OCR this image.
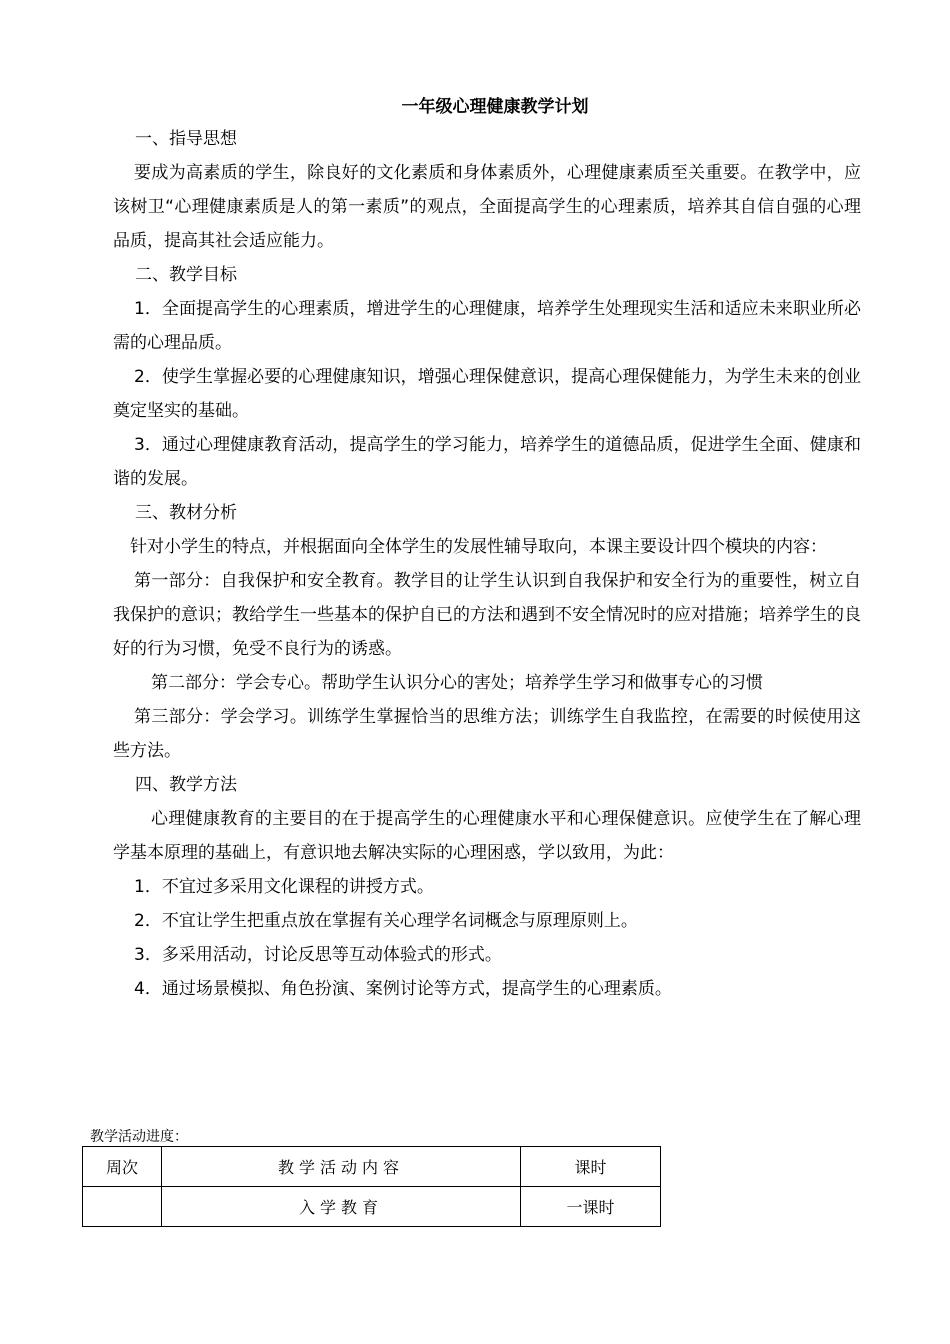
一年级心理健康教学计划

一、指导思想

要成为高素质的学生，除良好的文化素质和身体素质外，心理健康素质至关重要。在教学中，应该树卫“心理健康素质是人的第一素质”的观点，全面提高学生的心理素质，培养其自信自强的心理品质，提高其社会适应能力。

二、教学目标

1．全面提高学生的心理素质，增进学生的心理健康，培养学生处理现实生活和适应未来职业所必需的心理品质。

2．使学生掌握必要的心理健康知识，增强心理保健意识，提高心理保健能力，为学生未来的创业奠定坚实的基础。

3．通过心理健康教育活动，提高学生的学习能力，培养学生的道德品质，促进学生全面、健康和谐的发展。

三、教材分析

针对小学生的特点，并根据面向全体学生的发展性辅导取向，本课主要设计四个模块的内容：

第一部分：自我保护和安全教育。教学目的让学生认识到自我保护和安全行为的重要性，树立自我保护的意识；教给学生一些基本的保护自已的方法和遇到不安全情况时的应对措施；培养学生的良好的行为习惯，免受不良行为的诱惑。

第二部分：学会专心。帮助学生认识分心的害处；培养学生学习和做事专心的习惯

第三部分：学会学习。训练学生掌握恰当的思维方法；训练学生自我监控，在需要的时候使用这些方法。

四、教学方法

心理健康教育的主要目的在于提高学生的心理健康水平和心理保健意识。应使学生在了解心理学基本原理的基础上，有意识地去解决实际的心理困惑，学以致用，为此：

1．不宜过多采用文化课程的讲授方式。

2．不宜让学生把重点放在掌握有关心理学名词概念与原理原则上。

3．多采用活动，讨论反思等互动体验式的形式。

4．通过场景模拟、角色扮演、案例讨论等方式，提高学生的心理素质。

教学活动进度：
周次	教学活动内容	课时
	入学教育	一课时
